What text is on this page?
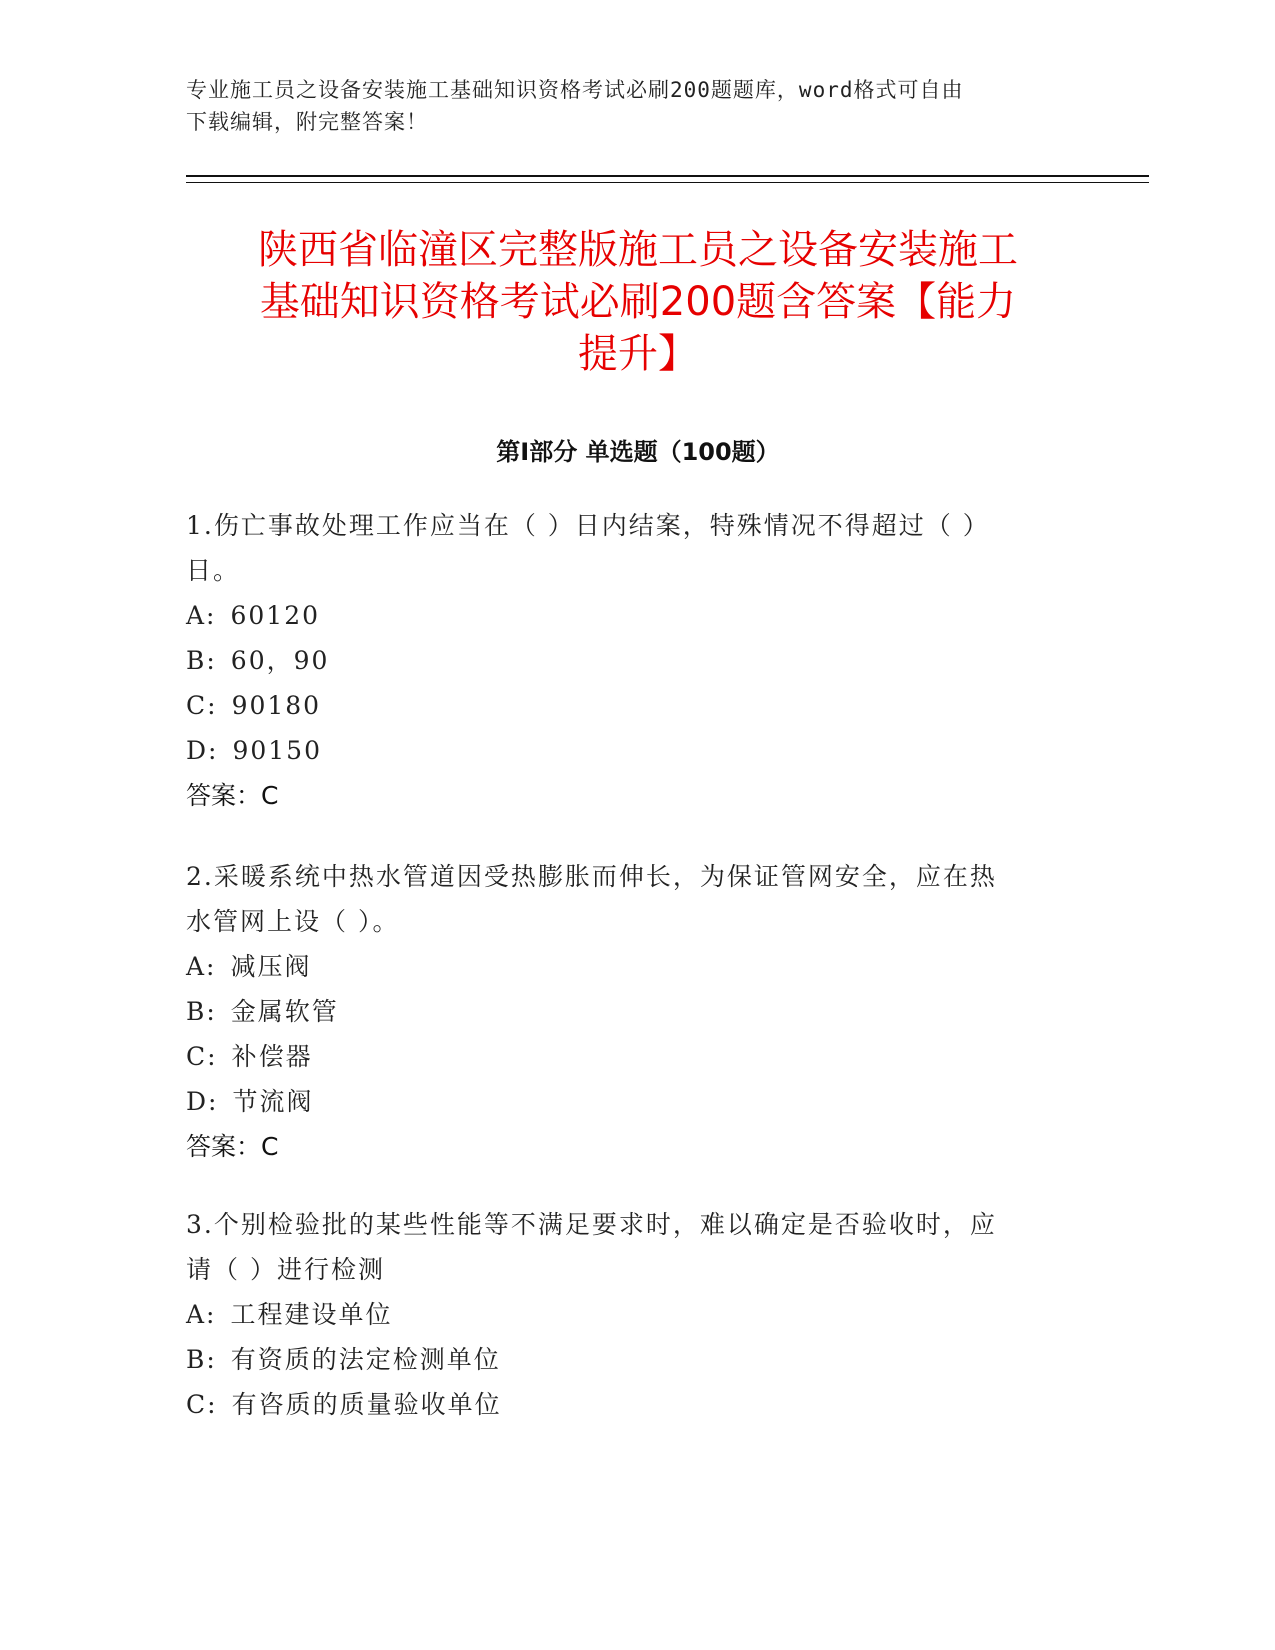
专业施工员之设备安装施工基础知识资格考试必刷200题题库，word格式可自由
下载编辑，附完整答案！
陕西省临潼区完整版施工员之设备安装施工
基础知识资格考试必刷200题含答案【能力
提升】
第Ⅰ部分 单选题（100题）

1.伤亡事故处理工作应当在（ ）日内结案，特殊情况不得超过（ ）
日。

A: 60120

B: 60，90

C: 90180

D: 90150

答案：C

2.采暖系统中热水管道因受热膨胀而伸长，为保证管网安全，应在热
水管网上设（ ）。

A: 减压阀

B: 金属软管

C: 补偿器

D: 节流阀

答案：C

3.个别检验批的某些性能等不满足要求时，难以确定是否验收时，应
请（ ）进行检测

A: 工程建设单位

B: 有资质的法定检测单位

C: 有咨质的质量验收单位
